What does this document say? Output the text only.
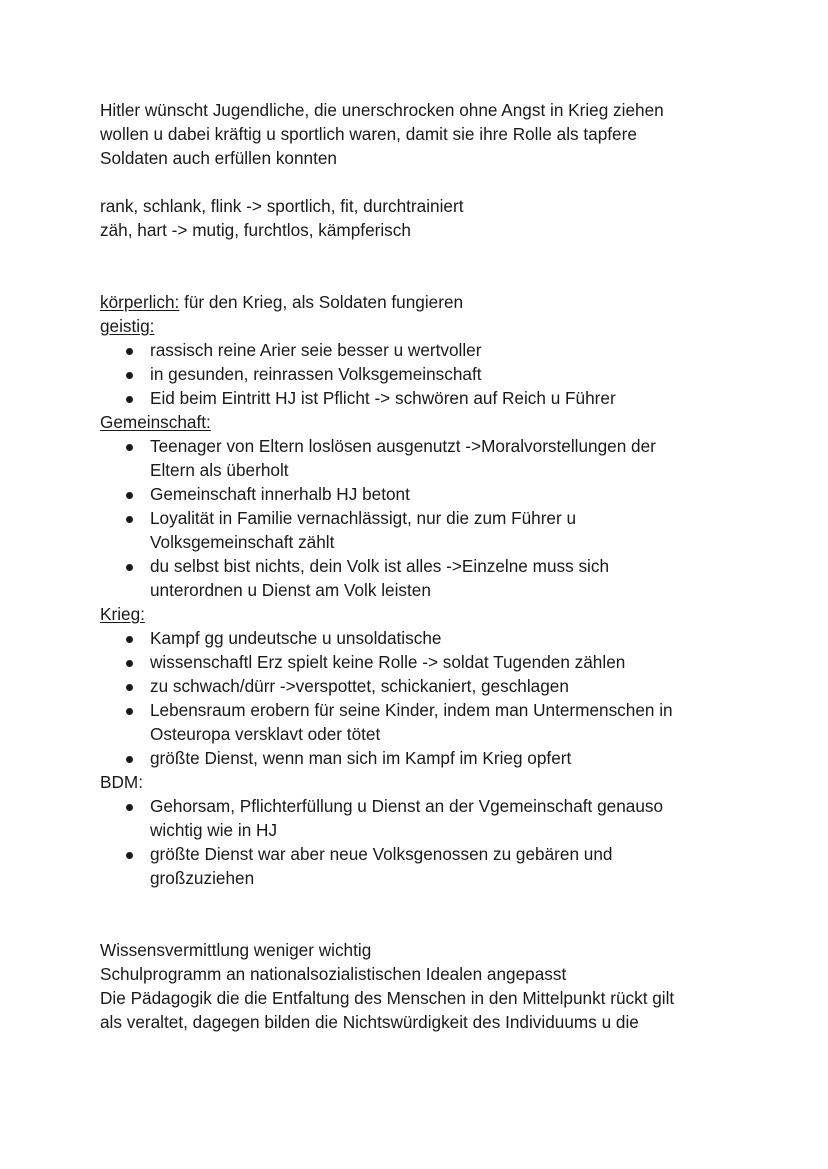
Hitler wünscht Jugendliche, die unerschrocken ohne Angst in Krieg ziehen
wollen u dabei kräftig u sportlich waren, damit sie ihre Rolle als tapfere
Soldaten auch erfüllen konnten
rank, schlank, flink -> sportlich, fit, durchtrainiert
zäh, hart -> mutig, furchtlos, kämpferisch
körperlich: für den Krieg, als Soldaten fungieren
geistig:
rassisch reine Arier seie besser u wertvoller
in gesunden, reinrassen Volksgemeinschaft
Eid beim Eintritt HJ ist Pflicht -> schwören auf Reich u Führer
Gemeinschaft:
Teenager von Eltern loslösen ausgenutzt ->Moralvorstellungen der
Eltern als überholt
Gemeinschaft innerhalb HJ betont
Loyalität in Familie vernachlässigt, nur die zum Führer u
Volksgemeinschaft zählt
du selbst bist nichts, dein Volk ist alles ->Einzelne muss sich
unterordnen u Dienst am Volk leisten
Krieg:
Kampf gg undeutsche u unsoldatische
wissenschaftl Erz spielt keine Rolle -> soldat Tugenden zählen
zu schwach/dürr ->verspottet, schickaniert, geschlagen
Lebensraum erobern für seine Kinder, indem man Untermenschen in
Osteuropa versklavt oder tötet
größte Dienst, wenn man sich im Kampf im Krieg opfert
BDM:
Gehorsam, Pflichterfüllung u Dienst an der Vgemeinschaft genauso
wichtig wie in HJ
größte Dienst war aber neue Volksgenossen zu gebären und
großzuziehen
Wissensvermittlung weniger wichtig
Schulprogramm an nationalsozialistischen Idealen angepasst
Die Pädagogik die die Entfaltung des Menschen in den Mittelpunkt rückt gilt
als veraltet, dagegen bilden die Nichtswürdigkeit des Individuums u die
